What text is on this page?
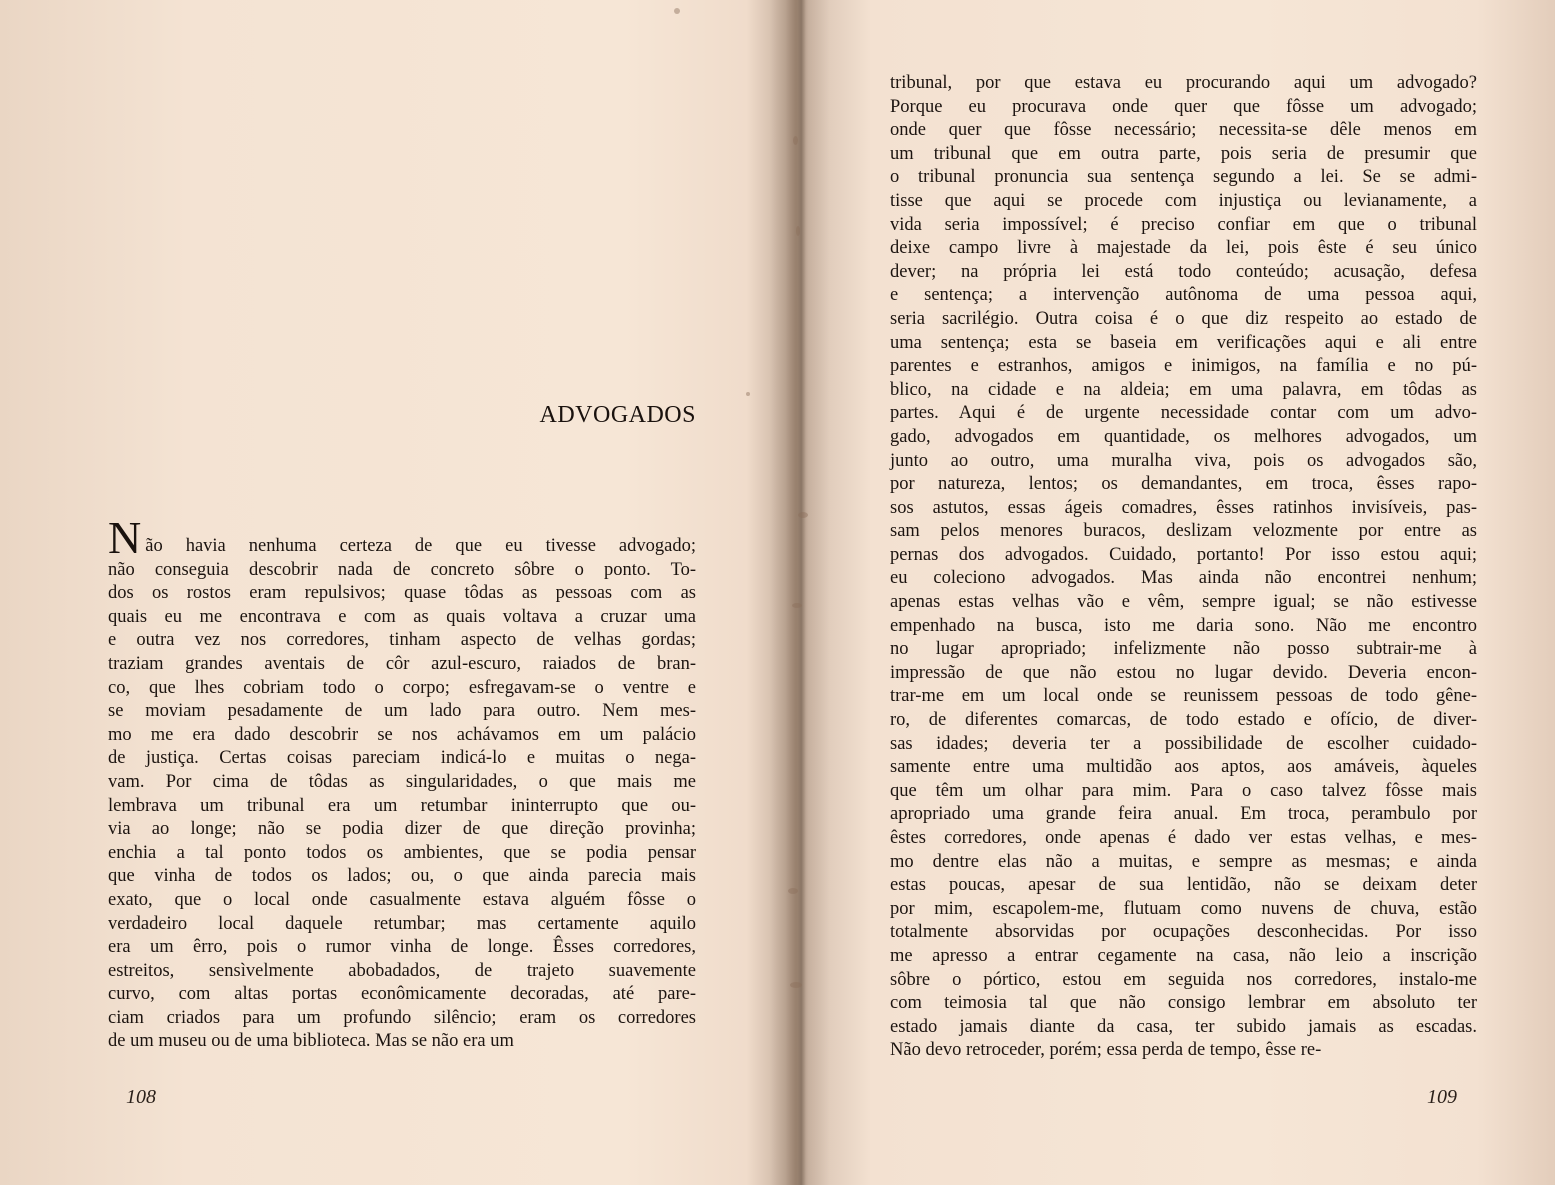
ADVOGADOS
Não havia nenhuma certeza de que eu tivesse advogado;
não conseguia descobrir nada de concreto sôbre o ponto. To-
dos os rostos eram repulsivos; quase tôdas as pessoas com as
quais eu me encontrava e com as quais voltava a cruzar uma
e outra vez nos corredores, tinham aspecto de velhas gordas;
traziam grandes aventais de côr azul-escuro, raiados de bran-
co, que lhes cobriam todo o corpo; esfregavam-se o ventre e
se moviam pesadamente de um lado para outro. Nem mes-
mo me era dado descobrir se nos achávamos em um palácio
de justiça. Certas coisas pareciam indicá-lo e muitas o nega-
vam. Por cima de tôdas as singularidades, o que mais me
lembrava um tribunal era um retumbar ininterrupto que ou-
via ao longe; não se podia dizer de que direção provinha;
enchia a tal ponto todos os ambientes, que se podia pensar
que vinha de todos os lados; ou, o que ainda parecia mais
exato, que o local onde casualmente estava alguém fôsse o
verdadeiro local daquele retumbar; mas certamente aquilo
era um êrro, pois o rumor vinha de longe. Êsses corredores,
estreitos, sensìvelmente abobadados, de trajeto suavemente
curvo, com altas portas econômicamente decoradas, até pare-
ciam criados para um profundo silêncio; eram os corredores
de um museu ou de uma biblioteca. Mas se não era um
108
tribunal, por que estava eu procurando aqui um advogado?
Porque eu procurava onde quer que fôsse um advogado;
onde quer que fôsse necessário; necessita-se dêle menos em
um tribunal que em outra parte, pois seria de presumir que
o tribunal pronuncia sua sentença segundo a lei. Se se admi-
tisse que aqui se procede com injustiça ou levianamente, a
vida seria impossível; é preciso confiar em que o tribunal
deixe campo livre à majestade da lei, pois êste é seu único
dever; na própria lei está todo conteúdo; acusação, defesa
e sentença; a intervenção autônoma de uma pessoa aqui,
seria sacrilégio. Outra coisa é o que diz respeito ao estado de
uma sentença; esta se baseia em verificações aqui e ali entre
parentes e estranhos, amigos e inimigos, na família e no pú-
blico, na cidade e na aldeia; em uma palavra, em tôdas as
partes. Aqui é de urgente necessidade contar com um advo-
gado, advogados em quantidade, os melhores advogados, um
junto ao outro, uma muralha viva, pois os advogados são,
por natureza, lentos; os demandantes, em troca, êsses rapo-
sos astutos, essas ágeis comadres, êsses ratinhos invisíveis, pas-
sam pelos menores buracos, deslizam velozmente por entre as
pernas dos advogados. Cuidado, portanto! Por isso estou aqui;
eu coleciono advogados. Mas ainda não encontrei nenhum;
apenas estas velhas vão e vêm, sempre igual; se não estivesse
empenhado na busca, isto me daria sono. Não me encontro
no lugar apropriado; infelizmente não posso subtrair-me à
impressão de que não estou no lugar devido. Deveria encon-
trar-me em um local onde se reunissem pessoas de todo gêne-
ro, de diferentes comarcas, de todo estado e ofício, de diver-
sas idades; deveria ter a possibilidade de escolher cuidado-
samente entre uma multidão aos aptos, aos amáveis, àqueles
que têm um olhar para mim. Para o caso talvez fôsse mais
apropriado uma grande feira anual. Em troca, perambulo por
êstes corredores, onde apenas é dado ver estas velhas, e mes-
mo dentre elas não a muitas, e sempre as mesmas; e ainda
estas poucas, apesar de sua lentidão, não se deixam deter
por mim, escapolem-me, flutuam como nuvens de chuva, estão
totalmente absorvidas por ocupações desconhecidas. Por isso
me apresso a entrar cegamente na casa, não leio a inscrição
sôbre o pórtico, estou em seguida nos corredores, instalo-me
com teimosia tal que não consigo lembrar em absoluto ter
estado jamais diante da casa, ter subido jamais as escadas.
Não devo retroceder, porém; essa perda de tempo, êsse re-
109
